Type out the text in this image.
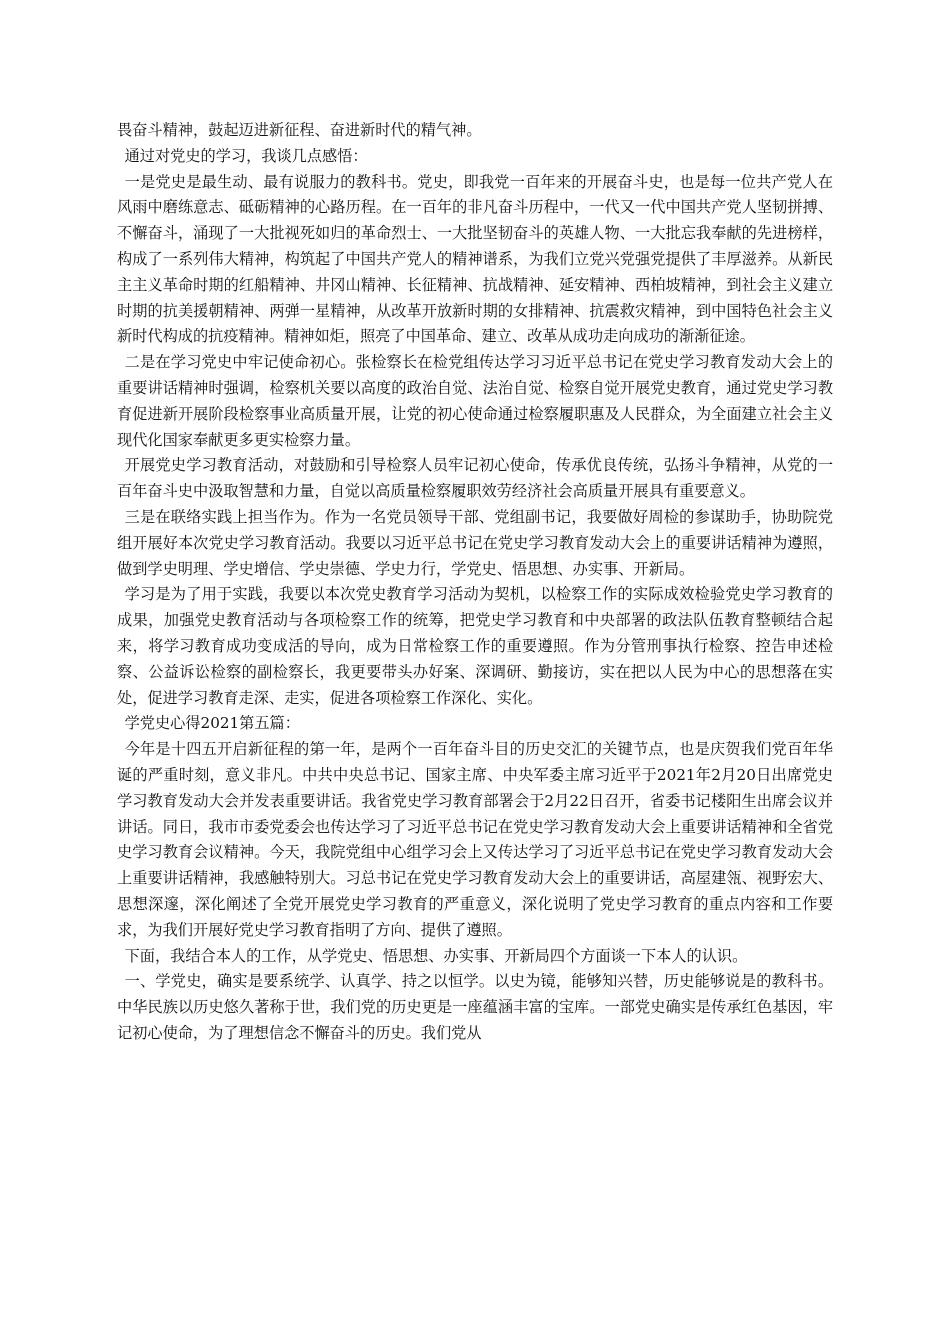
畏奋斗精神，鼓起迈进新征程、奋进新时代的精气神。

通过对党史的学习，我谈几点感悟：

一是党史是最生动、最有说服力的教科书。党史，即我党一百年来的开展奋斗史，也是每一位共产党人在风雨中磨练意志、砥砺精神的心路历程。在一百年的非凡奋斗历程中，一代又一代中国共产党人坚韧拼搏、不懈奋斗，涌现了一大批视死如归的革命烈士、一大批坚韧奋斗的英雄人物、一大批忘我奉献的先进榜样，构成了一系列伟大精神，构筑起了中国共产党人的精神谱系，为我们立党兴党强党提供了丰厚滋养。从新民主主义革命时期的红船精神、井冈山精神、长征精神、抗战精神、延安精神、西柏坡精神，到社会主义建立时期的抗美援朝精神、两弹一星精神，从改革开放新时期的女排精神、抗震救灾精神，到中国特色社会主义新时代构成的抗疫精神。精神如炬，照亮了中国革命、建立、改革从成功走向成功的渐渐征途。

二是在学习党史中牢记使命初心。张检察长在检党组传达学习习近平总书记在党史学习教育发动大会上的重要讲话精神时强调，检察机关要以高度的政治自觉、法治自觉、检察自觉开展党史教育，通过党史学习教育促进新开展阶段检察事业高质量开展，让党的初心使命通过检察履职惠及人民群众，为全面建立社会主义现代化国家奉献更多更实检察力量。

开展党史学习教育活动，对鼓励和引导检察人员牢记初心使命，传承优良传统，弘扬斗争精神，从党的一百年奋斗史中汲取智慧和力量，自觉以高质量检察履职效劳经济社会高质量开展具有重要意义。

三是在联络实践上担当作为。作为一名党员领导干部、党组副书记，我要做好周检的参谋助手，协助院党组开展好本次党史学习教育活动。我要以习近平总书记在党史学习教育发动大会上的重要讲话精神为遵照，做到学史明理、学史增信、学史崇德、学史力行，学党史、悟思想、办实事、开新局。

学习是为了用于实践，我要以本次党史教育学习活动为契机，以检察工作的实际成效检验党史学习教育的成果，加强党史教育活动与各项检察工作的统筹，把党史学习教育和中央部署的政法队伍教育整顿结合起来，将学习教育成功变成活的导向，成为日常检察工作的重要遵照。作为分管刑事执行检察、控告申述检察、公益诉讼检察的副检察长，我更要带头办好案、深调研、勤接访，实在把以人民为中心的思想落在实处，促进学习教育走深、走实，促进各项检察工作深化、实化。

学党史心得2021第五篇：

今年是十四五开启新征程的第一年，是两个一百年奋斗目的历史交汇的关键节点，也是庆贺我们党百年华诞的严重时刻，意义非凡。中共中央总书记、国家主席、中央军委主席习近平于2021年2月20日出席党史学习教育发动大会并发表重要讲话。我省党史学习教育部署会于2月22日召开，省委书记楼阳生出席会议并讲话。同日，我市市委党委会也传达学习了习近平总书记在党史学习教育发动大会上重要讲话精神和全省党史学习教育会议精神。今天，我院党组中心组学习会上又传达学习了习近平总书记在党史学习教育发动大会上重要讲话精神，我感触特别大。习总书记在党史学习教育发动大会上的重要讲话，高屋建瓴、视野宏大、思想深邃，深化阐述了全党开展党史学习教育的严重意义，深化说明了党史学习教育的重点内容和工作要求，为我们开展好党史学习教育指明了方向、提供了遵照。

下面，我结合本人的工作，从学党史、悟思想、办实事、开新局四个方面谈一下本人的认识。

一、学党史，确实是要系统学、认真学、持之以恒学。以史为镜，能够知兴替，历史能够说是的教科书。中华民族以历史悠久著称于世，我们党的历史更是一座蕴涵丰富的宝库。一部党史确实是传承红色基因，牢记初心使命，为了理想信念不懈奋斗的历史。我们党从
